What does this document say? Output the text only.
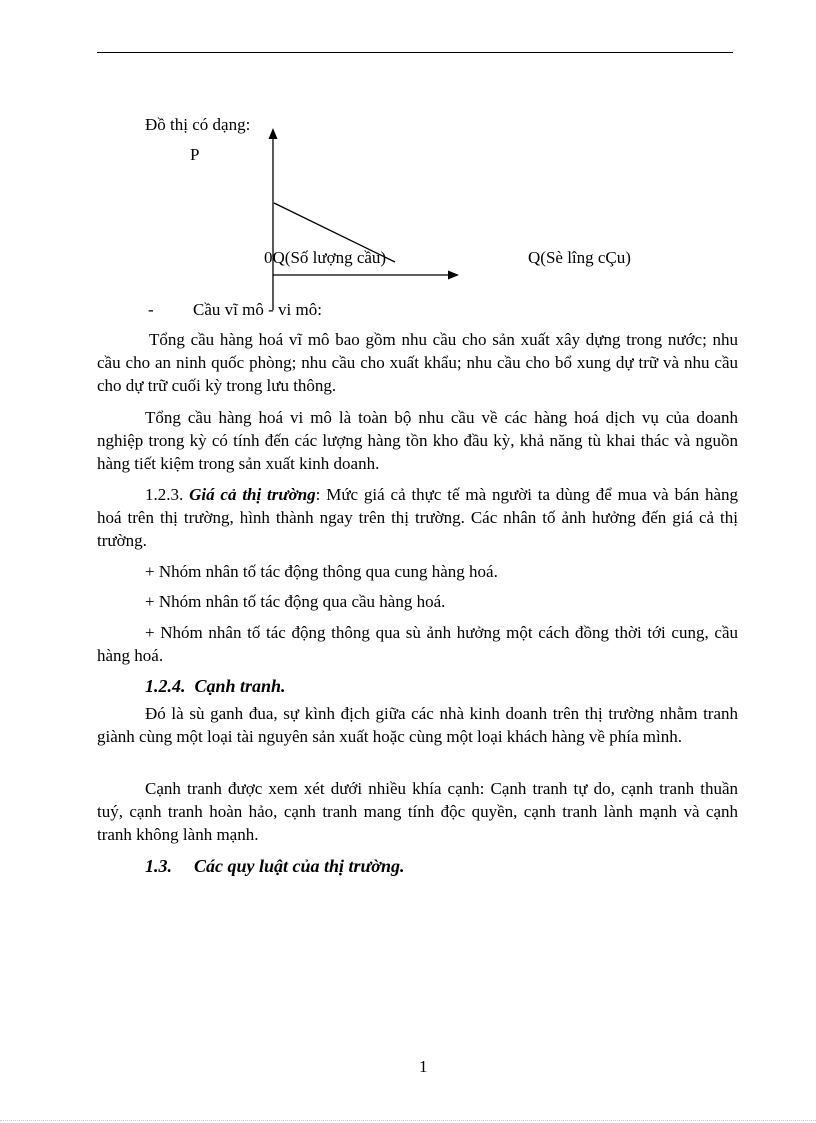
Đồ thị có dạng:
P
0Q(Số lượng cầu)	Q(Sè lîng cÇu)
- Cầu vĩ mô - vi mô:

Tổng cầu hàng hoá vĩ mô bao gồm nhu cầu cho sản xuất xây dựng trong nước; nhu cầu cho an ninh quốc phòng; nhu cầu cho xuất khẩu; nhu cầu cho bổ xung dự trữ và nhu cầu cho dự trữ cuối kỳ trong lưu thông.

Tổng cầu hàng hoá vi mô là toàn bộ nhu cầu về các hàng hoá dịch vụ của doanh nghiệp trong kỳ có tính đến các lượng hàng tồn kho đầu kỳ, khả năng tù khai thác và nguồn hàng tiết kiệm trong sản xuất kinh doanh.

1.2.3. Giá cả thị trường: Mức giá cả thực tế mà người ta dùng để mua và bán hàng hoá trên thị trường, hình thành ngay trên thị trường. Các nhân tố ảnh hưởng đến giá cả thị trường.

+ Nhóm nhân tố tác động thông qua cung hàng hoá.

+ Nhóm nhân tố tác động qua cầu hàng hoá.

+ Nhóm nhân tố tác động thông qua sù ảnh hưởng một cách đồng thời tới cung, cầu hàng hoá.

1.2.4. Cạnh tranh.

Đó là sù ganh đua, sự kình địch giữa các nhà kinh doanh trên thị trường nhằm tranh giành cùng một loại tài nguyên sản xuất hoặc cùng một loại khách hàng về phía mình.

Cạnh tranh được xem xét dưới nhiều khía cạnh: Cạnh tranh tự do, cạnh tranh thuần tuý, cạnh tranh hoàn hảo, cạnh tranh mang tính độc quyền, cạnh tranh lành mạnh và cạnh tranh không lành mạnh.

1.3. Các quy luật của thị trường.
1
